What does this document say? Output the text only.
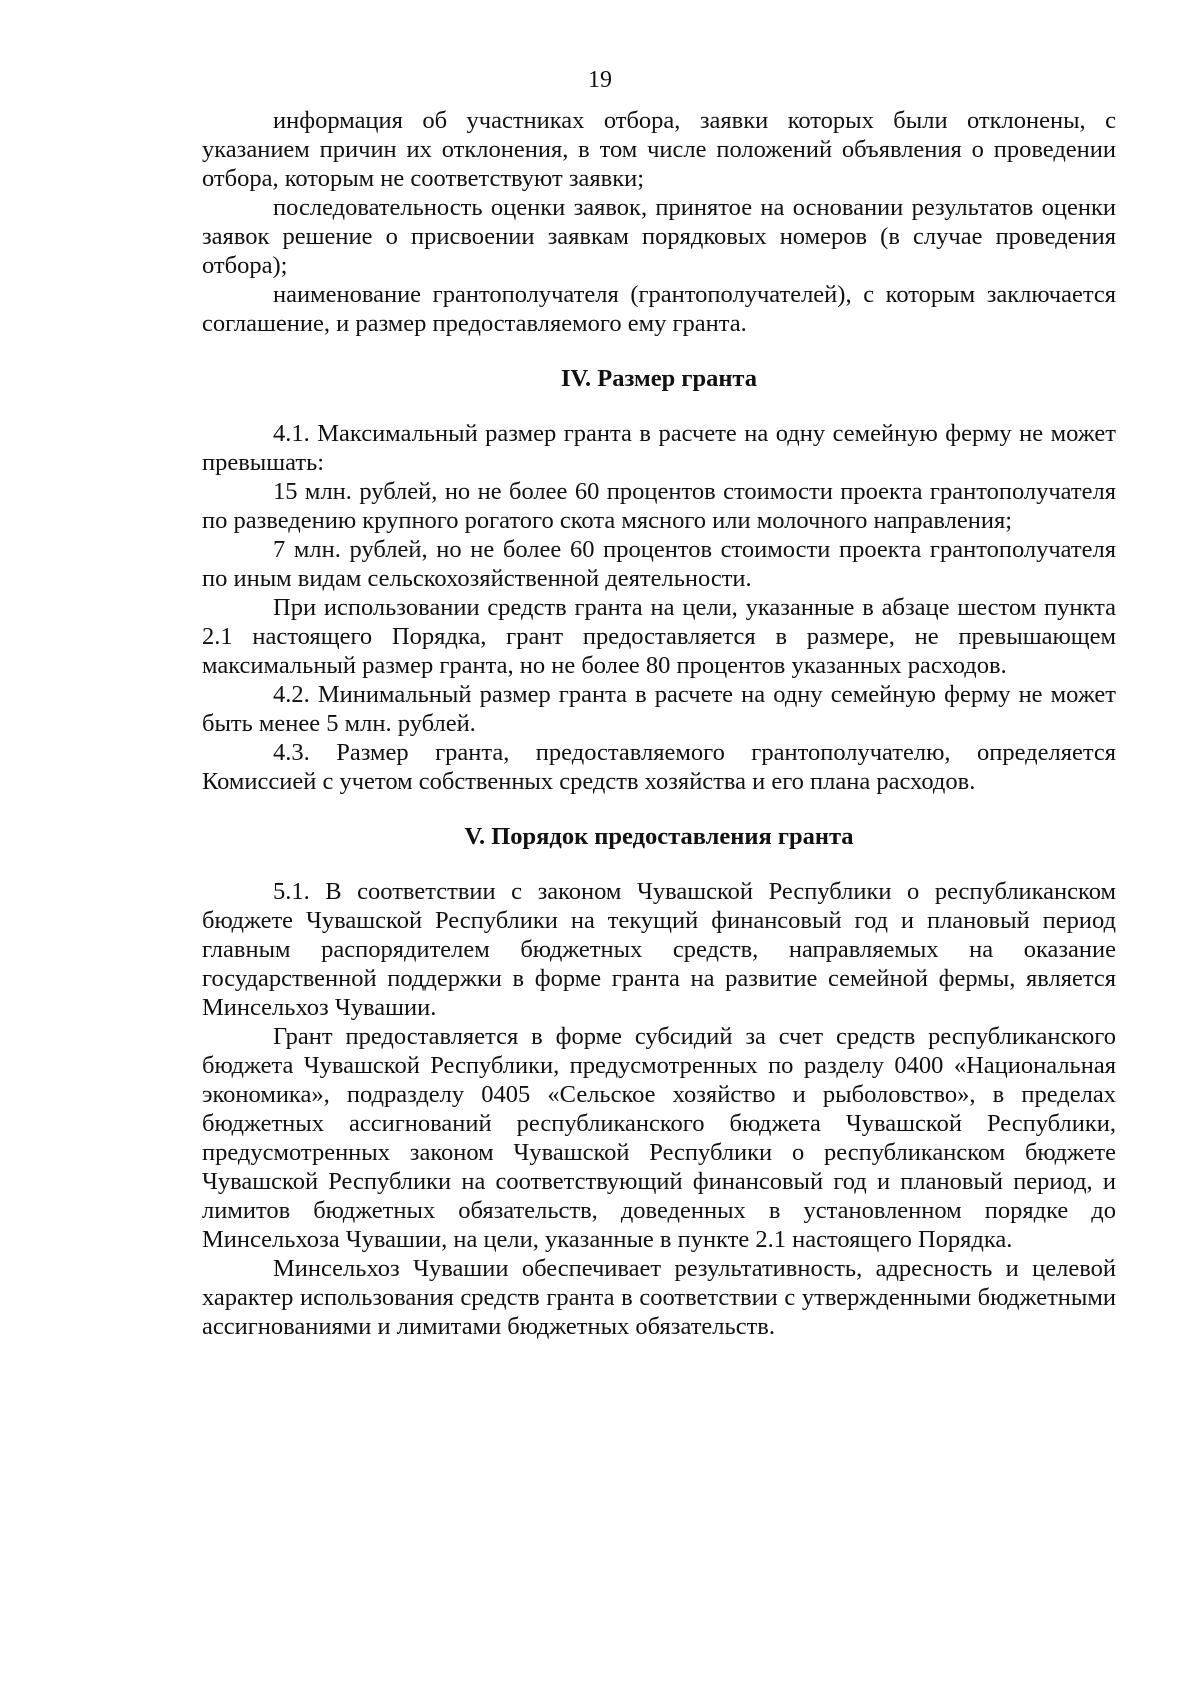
19

информация об участниках отбора, заявки которых были отклонены, с указанием причин их отклонения, в том числе положений объявления о проведении отбора, которым не соответствуют заявки;

последовательность оценки заявок, принятое на основании результатов оценки заявок решение о присвоении заявкам порядковых номеров (в случае проведения отбора);

наименование грантополучателя (грантополучателей), с которым заключается соглашение, и размер предоставляемого ему гранта.

IV. Размер гранта

4.1. Максимальный размер гранта в расчете на одну семейную ферму не может превышать:

15 млн. рублей, но не более 60 процентов стоимости проекта грантополучателя по разведению крупного рогатого скота мясного или молочного направления;

7 млн. рублей, но не более 60 процентов стоимости проекта грантополучателя по иным видам сельскохозяйственной деятельности.

При использовании средств гранта на цели, указанные в абзаце шестом пункта 2.1 настоящего Порядка, грант предоставляется в размере, не превышающем максимальный размер гранта, но не более 80 процентов указанных расходов.

4.2. Минимальный размер гранта в расчете на одну семейную ферму не может быть менее 5 млн. рублей.

4.3. Размер гранта, предоставляемого грантополучателю, определяется Комиссией с учетом собственных средств хозяйства и его плана расходов.

V. Порядок предоставления гранта

5.1. В соответствии с законом Чувашской Республики о республиканском бюджете Чувашской Республики на текущий финансовый год и плановый период главным распорядителем бюджетных средств, направляемых на оказание государственной поддержки в форме гранта на развитие семейной фермы, является Минсельхоз Чувашии.

Грант предоставляется в форме субсидий за счет средств республиканского бюджета Чувашской Республики, предусмотренных по разделу 0400 «Национальная экономика», подразделу 0405 «Сельское хозяйство и рыболовство», в пределах бюджетных ассигнований республиканского бюджета Чувашской Республики, предусмотренных законом Чувашской Республики о республиканском бюджете Чувашской Республики на соответствующий финансовый год и плановый период, и лимитов бюджетных обязательств, доведенных в установленном порядке до Минсельхоза Чувашии, на цели, указанные в пункте 2.1 настоящего Порядка.

Минсельхоз Чувашии обеспечивает результативность, адресность и целевой характер использования средств гранта в соответствии с утвержденными бюджетными ассигнованиями и лимитами бюджетных обязательств.
